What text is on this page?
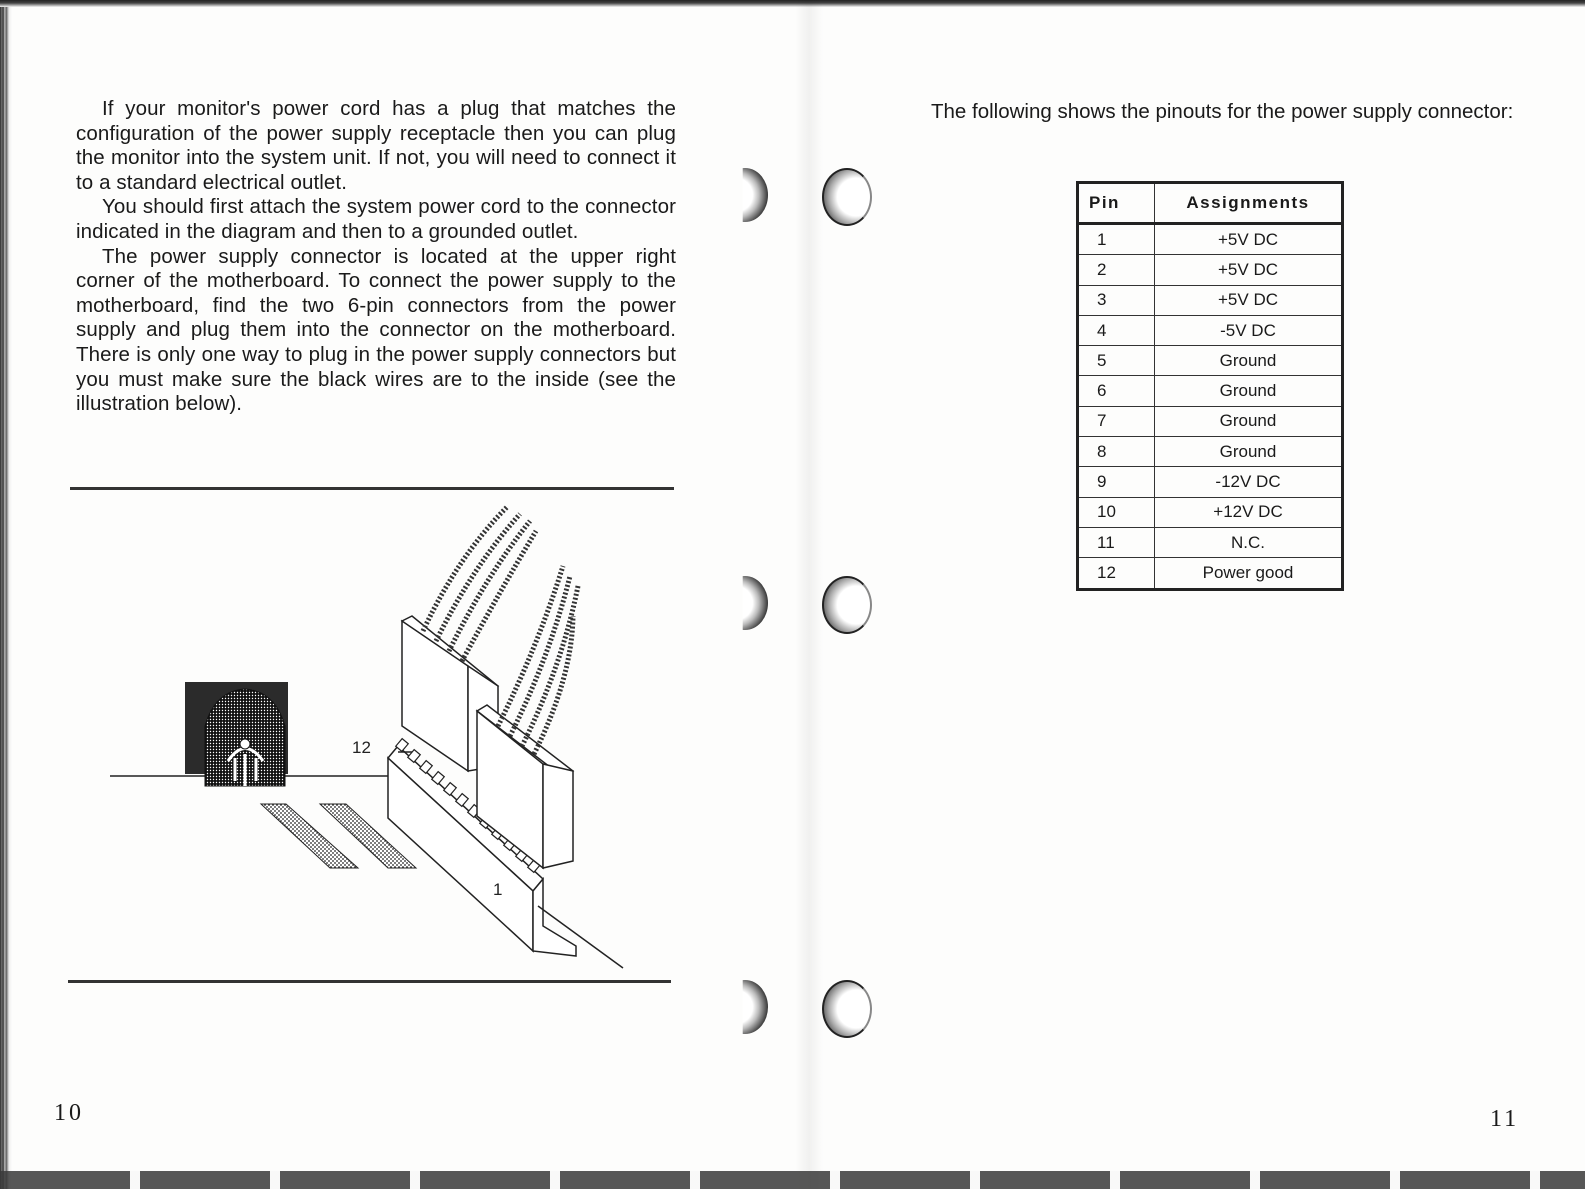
If your monitor's power cord has a plug that matches the configuration of the power supply receptacle then you can plug the monitor into the system unit. If not, you will need to connect it to a standard electrical outlet.

You should first attach the system power cord to the connector indicated in the diagram and then to a grounded outlet.

The power supply connector is located at the upper right corner of the motherboard. To connect the power supply to the motherboard, find the two 6-pin connectors from the power supply and plug them into the connector on the motherboard. There is only one way to plug in the power supply connectors but you must make sure the black wires are to the inside (see the illustration below).

12
1
10

The following shows the pinouts for the power supply connector:

Pin	Assignments
1	+5V DC
2	+5V DC
3	+5V DC
4	-5V DC
5	Ground
6	Ground
7	Ground
8	Ground
9	-12V DC
10	+12V DC
11	N.C.
12	Power good
11
